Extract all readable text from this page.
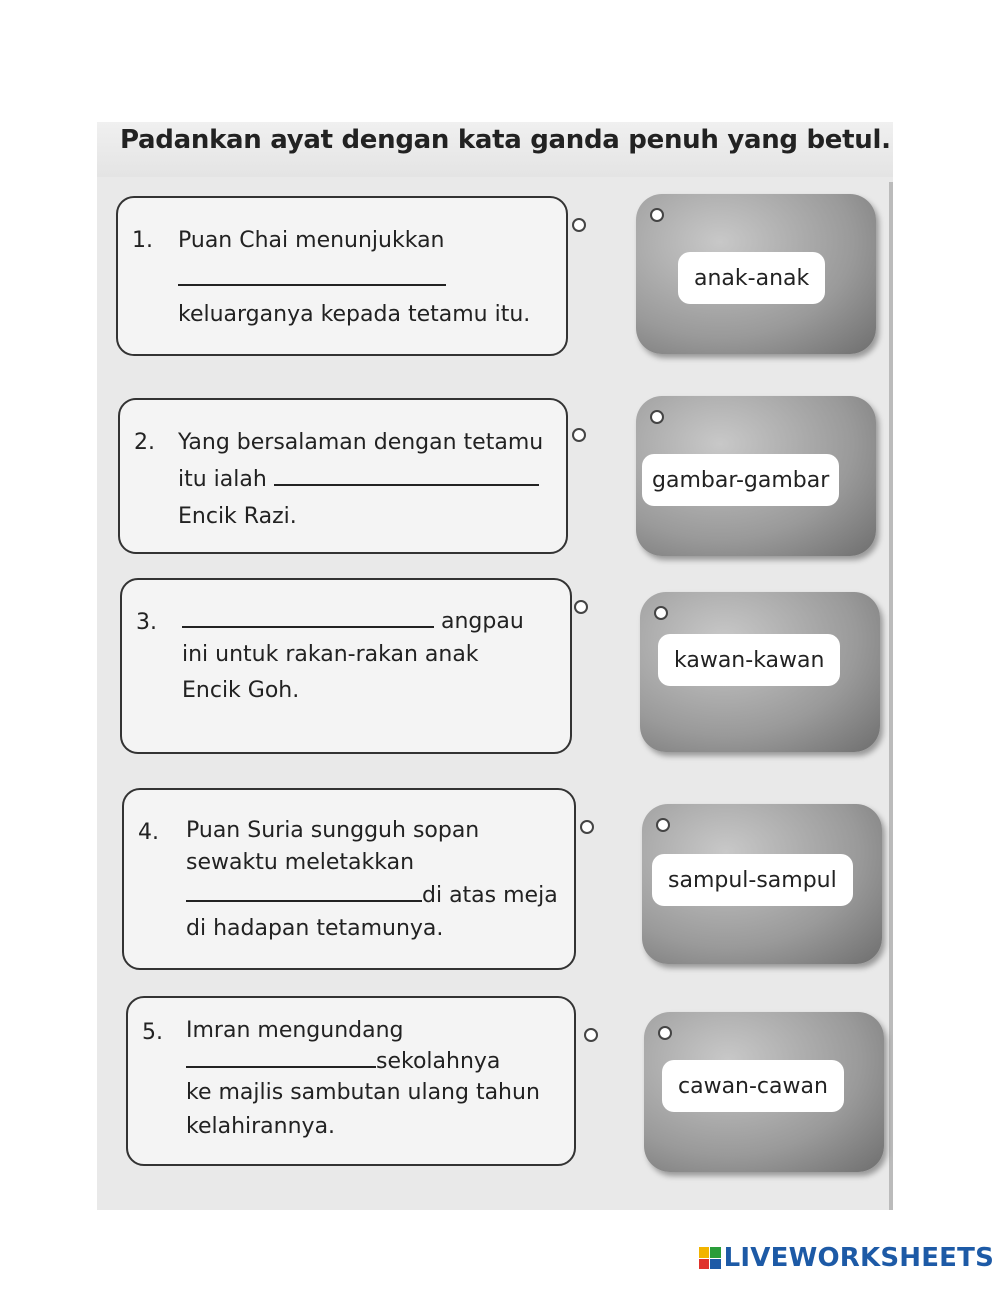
Padankan ayat dengan kata ganda penuh yang betul.
1. Puan Chai menunjukkan
keluarganya kepada tetamu itu.
2. Yang bersalaman dengan tetamu
itu ialah
Encik Razi.
3.	angpau
ini untuk rakan-rakan anak
Encik Goh.
4. Puan Suria sungguh sopan
sewaktu meletakkan
di atas meja
di hadapan tetamunya.
5. Imran mengundang
sekolahnya
ke majlis sambutan ulang tahun
kelahirannya.
anak-anak
gambar-gambar
kawan-kawan
sampul-sampul
cawan-cawan
LIVEWORKSHEETS
